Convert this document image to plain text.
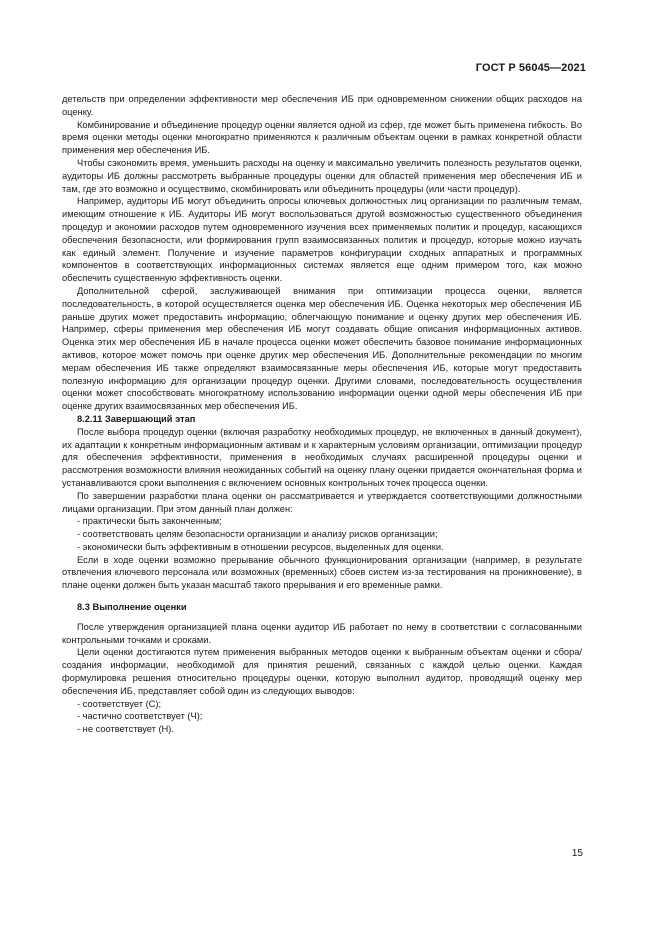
ГОСТ Р 56045—2021

детельств при определении эффективности мер обеспечения ИБ при одновременном снижении общих расходов на оценку.

Комбинирование и объединение процедур оценки является одной из сфер, где может быть применена гибкость. Во время оценки методы оценки многократно применяются к различным объектам оценки в рамках конкретной области применения мер обеспечения ИБ.

Чтобы сэкономить время, уменьшить расходы на оценку и максимально увеличить полезность результатов оценки, аудиторы ИБ должны рассмотреть выбранные процедуры оценки для областей применения мер обеспечения ИБ и там, где это возможно и осуществимо, скомбинировать или объединить процедуры (или части процедур).

Например, аудиторы ИБ могут объединить опросы ключевых должностных лиц организации по различным темам, имеющим отношение к ИБ. Аудиторы ИБ могут воспользоваться другой возможностью существенного объединения процедур и экономии расходов путем одновременного изучения всех применяемых политик и процедур, касающихся обеспечения безопасности, или формирования групп взаимосвязанных политик и процедур, которые можно изучать как единый элемент. Получение и изучение параметров конфигурации сходных аппаратных и программных компонентов в соответствующих информационных системах является еще одним примером того, как можно обеспечить существенную эффективность оценки.

Дополнительной сферой, заслуживающей внимания при оптимизации процесса оценки, является последовательность, в которой осуществляется оценка мер обеспечения ИБ. Оценка некоторых мер обеспечения ИБ раньше других может предоставить информацию, облегчающую понимание и оценку других мер обеспечения ИБ. Например, сферы применения мер обеспечения ИБ могут создавать общие описания информационных активов. Оценка этих мер обеспечения ИБ в начале процесса оценки может обеспечить базовое понимание информационных активов, которое может помочь при оценке других мер обеспечения ИБ. Дополнительные рекомендации по многим мерам обеспечения ИБ также определяют взаимосвязанные меры обеспечения ИБ, которые могут предоставить полезную информацию для организации процедур оценки. Другими словами, последовательность осуществления оценки может способствовать многократному использованию информации оценки одной меры обеспечения ИБ при оценке других взаимосвязанных мер обеспечения ИБ.

8.2.11 Завершающий этап

После выбора процедур оценки (включая разработку необходимых процедур, не включенных в данный документ), их адаптации к конкретным информационным активам и к характерным условиям организации, оптимизации процедур для обеспечения эффективности, применения в необходимых случаях расширенной процедуры оценки и рассмотрения возможности влияния неожиданных событий на оценку плану оценки придается окончательная форма и устанавливаются сроки выполнения с включением основных контрольных точек процесса оценки.

По завершении разработки плана оценки он рассматривается и утверждается соответствующими должностными лицами организации. При этом данный план должен:

- практически быть законченным;
- соответствовать целям безопасности организации и анализу рисков организации;
- экономически быть эффективным в отношении ресурсов, выделенных для оценки.

Если в ходе оценки возможно прерывание обычного функционирования организации (например, в результате отвлечения ключевого персонала или возможных (временных) сбоев систем из-за тестирования на проникновение), в плане оценки должен быть указан масштаб такого прерывания и его временные рамки.

8.3 Выполнение оценки

После утверждения организацией плана оценки аудитор ИБ работает по нему в соответствии с согласованными контрольными точками и сроками.

Цели оценки достигаются путем применения выбранных методов оценки к выбранным объектам оценки и сбора/создания информации, необходимой для принятия решений, связанных с каждой целью оценки. Каждая формулировка решения относительно процедуры оценки, которую выполнил аудитор, проводящий оценку мер обеспечения ИБ, представляет собой один из следующих выводов:

- соответствует (С);
- частично соответствует (Ч);
- не соответствует (Н).
15
